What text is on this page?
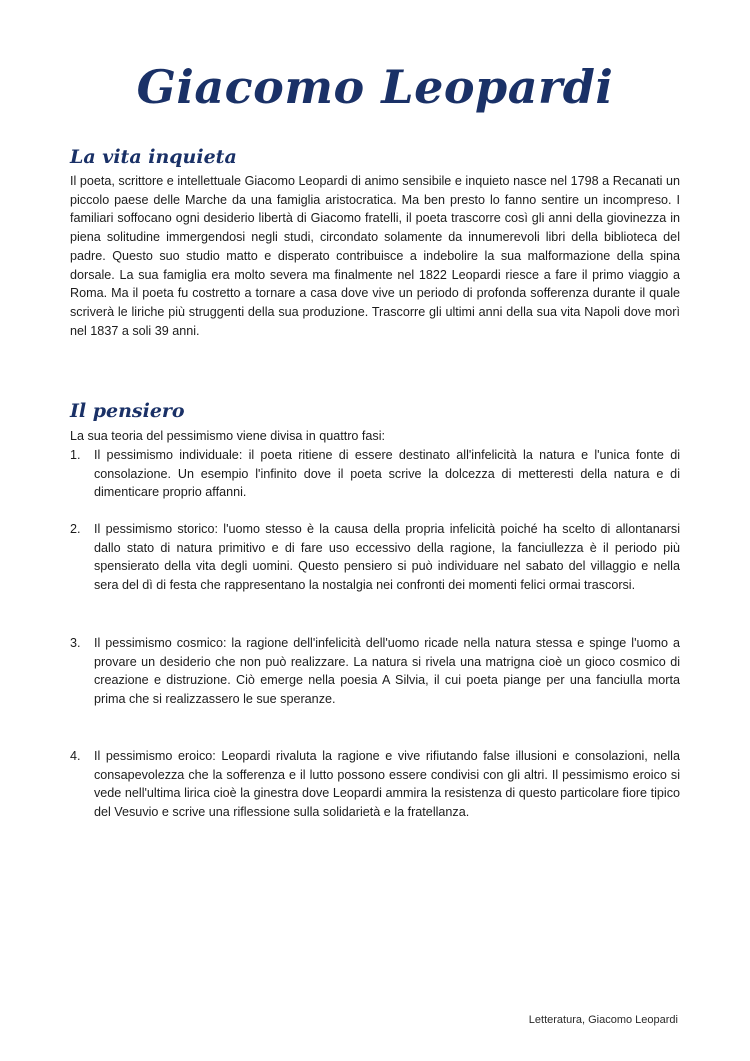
Giacomo Leopardi
La vita inquieta

Il poeta, scrittore e intellettuale Giacomo Leopardi di animo sensibile e inquieto nasce nel 1798 a Recanati un piccolo paese delle Marche da una famiglia aristocratica. Ma ben presto lo fanno sentire un incompreso. I familiari soffocano ogni desiderio libertà di Giacomo fratelli, il poeta trascorre così gli anni della giovinezza in piena solitudine immergendosi negli studi, circondato solamente da innumerevoli libri della biblioteca del padre. Questo suo studio matto e disperato contribuisce a indebolire la sua malformazione della spina dorsale. La sua famiglia era molto severa ma finalmente nel 1822 Leopardi riesce a fare il primo viaggio a Roma. Ma il poeta fu costretto a tornare a casa dove vive un periodo di profonda sofferenza durante il quale scriverà le liriche più struggenti della sua produzione. Trascorre gli ultimi anni della sua vita Napoli dove morì nel 1837 a soli 39 anni.

Il pensiero

La sua teoria del pessimismo viene divisa in quattro fasi:

1. Il pessimismo individuale: il poeta ritiene di essere destinato all'infelicità la natura e l'unica fonte di consolazione. Un esempio l'infinito dove il poeta scrive la dolcezza di metteresti della natura e di dimenticare proprio affanni.

2. Il pessimismo storico: l'uomo stesso è la causa della propria infelicità poiché ha scelto di allontanarsi dallo stato di natura primitivo e di fare uso eccessivo della ragione, la fanciullezza è il periodo più spensierato della vita degli uomini. Questo pensiero si può individuare nel sabato del villaggio e nella sera del dì di festa che rappresentano la nostalgia nei confronti dei momenti felici ormai trascorsi.

3. Il pessimismo cosmico: la ragione dell'infelicità dell'uomo ricade nella natura stessa e spinge l'uomo a provare un desiderio che non può realizzare. La natura si rivela una matrigna cioè un gioco cosmico di creazione e distruzione. Ciò emerge nella poesia A Silvia, il cui poeta piange per una fanciulla morta prima che si realizzassero le sue speranze.

4. Il pessimismo eroico: Leopardi rivaluta la ragione e vive rifiutando false illusioni e consolazioni, nella consapevolezza che la sofferenza e il lutto possono essere condivisi con gli altri. Il pessimismo eroico si vede nell'ultima lirica cioè la ginestra dove Leopardi ammira la resistenza di questo particolare fiore tipico del Vesuvio e scrive una riflessione sulla solidarietà e la fratellanza.

Letteratura, Giacomo Leopardi
